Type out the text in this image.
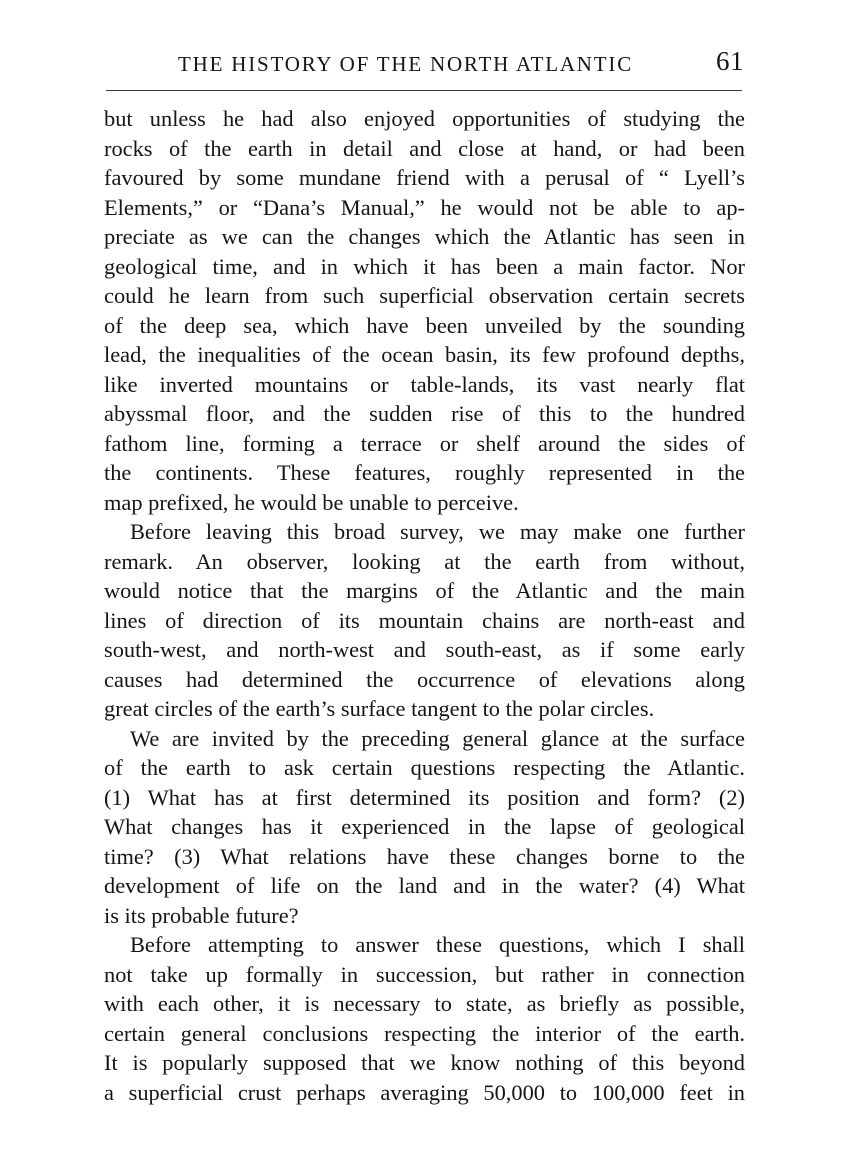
THE HISTORY OF THE NORTH ATLANTIC	61
but unless he had also enjoyed opportunities of studying the
rocks of the earth in detail and close at hand, or had been
favoured by some mundane friend with a perusal of “ Lyell’s
Elements,” or “Dana’s Manual,” he would not be able to ap-
preciate as we can the changes which the Atlantic has seen in
geological time, and in which it has been a main factor. Nor
could he learn from such superficial observation certain secrets
of the deep sea, which have been unveiled by the sounding
lead, the inequalities of the ocean basin, its few profound depths,
like inverted mountains or table-lands, its vast nearly flat
abyssmal floor, and the sudden rise of this to the hundred
fathom line, forming a terrace or shelf around the sides of
the continents. These features, roughly represented in the
map prefixed, he would be unable to perceive.
Before leaving this broad survey, we may make one further
remark. An observer, looking at the earth from without,
would notice that the margins of the Atlantic and the main
lines of direction of its mountain chains are north-east and
south-west, and north-west and south-east, as if some early
causes had determined the occurrence of elevations along
great circles of the earth’s surface tangent to the polar circles.
We are invited by the preceding general glance at the surface
of the earth to ask certain questions respecting the Atlantic.
(1) What has at first determined its position and form? (2)
What changes has it experienced in the lapse of geological
time? (3) What relations have these changes borne to the
development of life on the land and in the water? (4) What
is its probable future?
Before attempting to answer these questions, which I shall
not take up formally in succession, but rather in connection
with each other, it is necessary to state, as briefly as possible,
certain general conclusions respecting the interior of the earth.
It is popularly supposed that we know nothing of this beyond
a superficial crust perhaps averaging 50,000 to 100,000 feet in
